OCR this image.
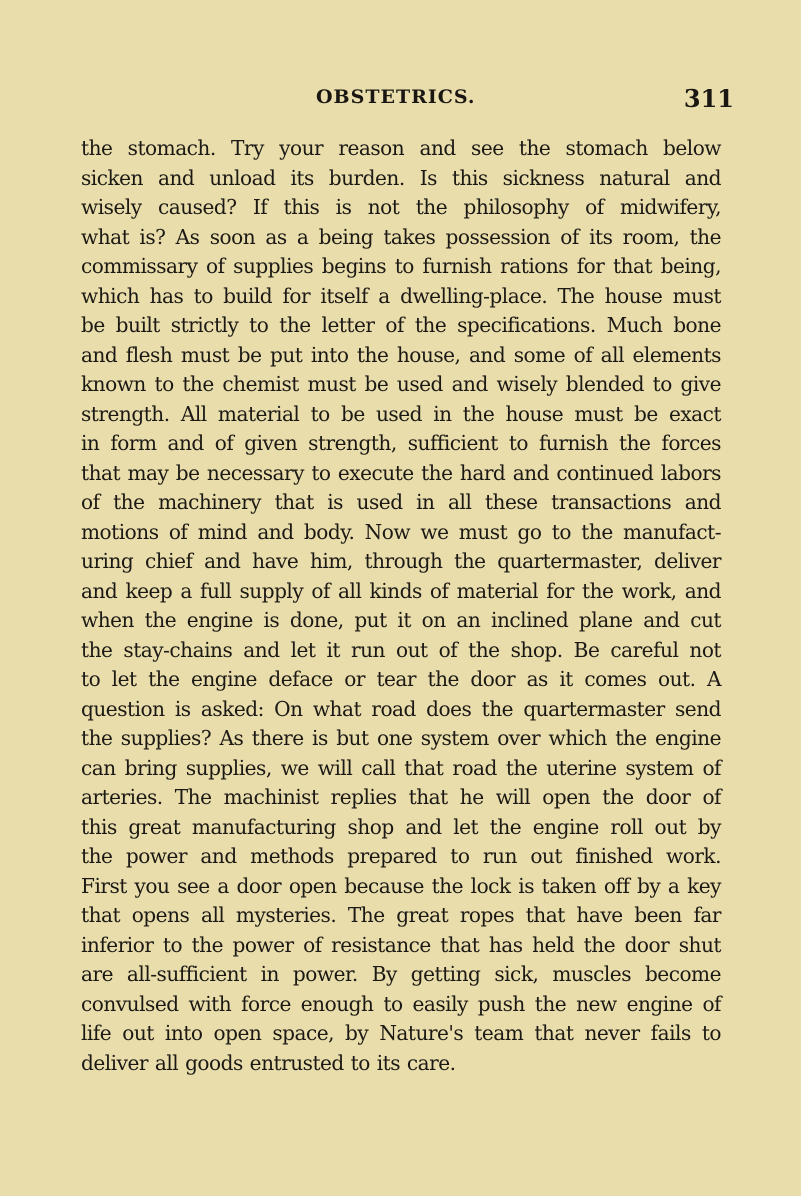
OBSTETRICS.	311
the stomach. Try your reason and see the stomach below
sicken and unload its burden. Is this sickness natural and
wisely caused? If this is not the philosophy of midwifery,
what is? As soon as a being takes possession of its room, the
commissary of supplies begins to furnish rations for that being,
which has to build for itself a dwelling-place. The house must
be built strictly to the letter of the specifications. Much bone
and flesh must be put into the house, and some of all elements
known to the chemist must be used and wisely blended to give
strength. All material to be used in the house must be exact
in form and of given strength, sufficient to furnish the forces
that may be necessary to execute the hard and continued labors
of the machinery that is used in all these transactions and
motions of mind and body. Now we must go to the manufact-
uring chief and have him, through the quartermaster, deliver
and keep a full supply of all kinds of material for the work, and
when the engine is done, put it on an inclined plane and cut
the stay-chains and let it run out of the shop. Be careful not
to let the engine deface or tear the door as it comes out. A
question is asked: On what road does the quartermaster send
the supplies? As there is but one system over which the engine
can bring supplies, we will call that road the uterine system of
arteries. The machinist replies that he will open the door of
this great manufacturing shop and let the engine roll out by
the power and methods prepared to run out finished work.
First you see a door open because the lock is taken off by a key
that opens all mysteries. The great ropes that have been far
inferior to the power of resistance that has held the door shut
are all-sufficient in power. By getting sick, muscles become
convulsed with force enough to easily push the new engine of
life out into open space, by Nature's team that never fails to
deliver all goods entrusted to its care.
